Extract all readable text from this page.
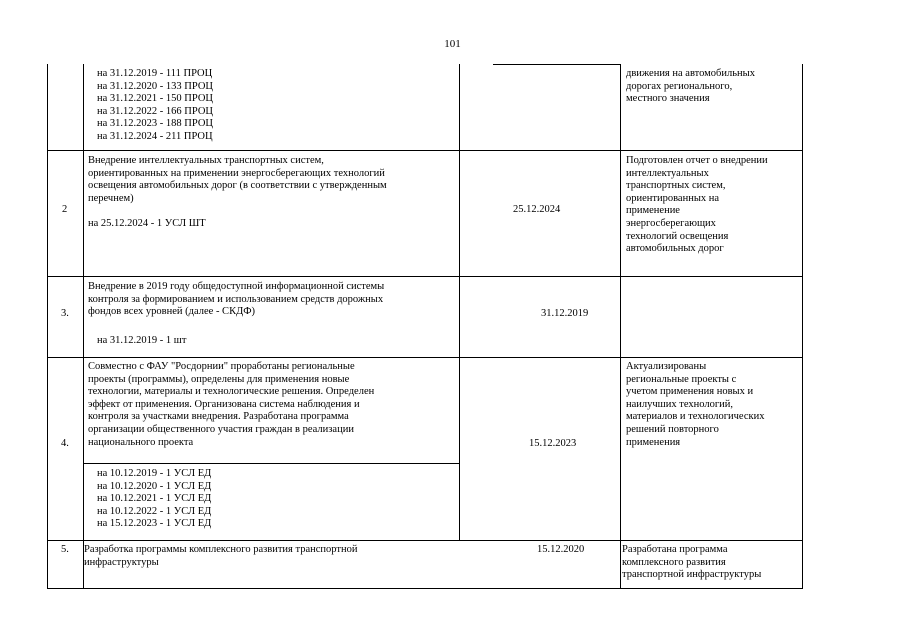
101
на 31.12.2019 - 111 ПРОЦ
на 31.12.2020 - 133 ПРОЦ
на 31.12.2021 - 150 ПРОЦ
на 31.12.2022 - 166 ПРОЦ
на 31.12.2023 - 188 ПРОЦ
на 31.12.2024 - 211 ПРОЦ
движения на автомобильных
дорогах регионального,
местного значения
2
Внедрение интеллектуальных транспортных систем,
ориентированных на применении энергосберегающих технологий
освещения автомобильных дорог (в соответствии с утвержденным
перечнем)
на 25.12.2024 - 1 УСЛ ШТ
25.12.2024
Подготовлен отчет о внедрении
интеллектуальных
транспортных систем,
ориентированных на
применение
энергосберегающих
технологий освещения
автомобильных дорог
3.
Внедрение в 2019 году общедоступной информационной системы
контроля за формированием и использованием средств дорожных
фондов всех уровней (далее - СКДФ)
на 31.12.2019 - 1 шт
31.12.2019
4.
Совместно с ФАУ "Росдорнии" проработаны региональные
проекты (программы), определены для применения новые
технологии, материалы и технологические решения. Определен
эффект от применения. Организована система наблюдения и
контроля за участками внедрения. Разработана программа
организации общественного участия граждан в реализации
национального проекта
на 10.12.2019 - 1 УСЛ ЕД
на 10.12.2020 - 1 УСЛ ЕД
на 10.12.2021 - 1 УСЛ ЕД
на 10.12.2022 - 1 УСЛ ЕД
на 15.12.2023 - 1 УСЛ ЕД
15.12.2023
Актуализированы
региональные проекты с
учетом применения новых и
наилучших технологий,
материалов и технологических
решений повторного
применения
5. Разработка программы комплексного развития транспортной
инфраструктуры
15.12.2020	Разработана программа
комплексного развития
транспортной инфраструктуры
